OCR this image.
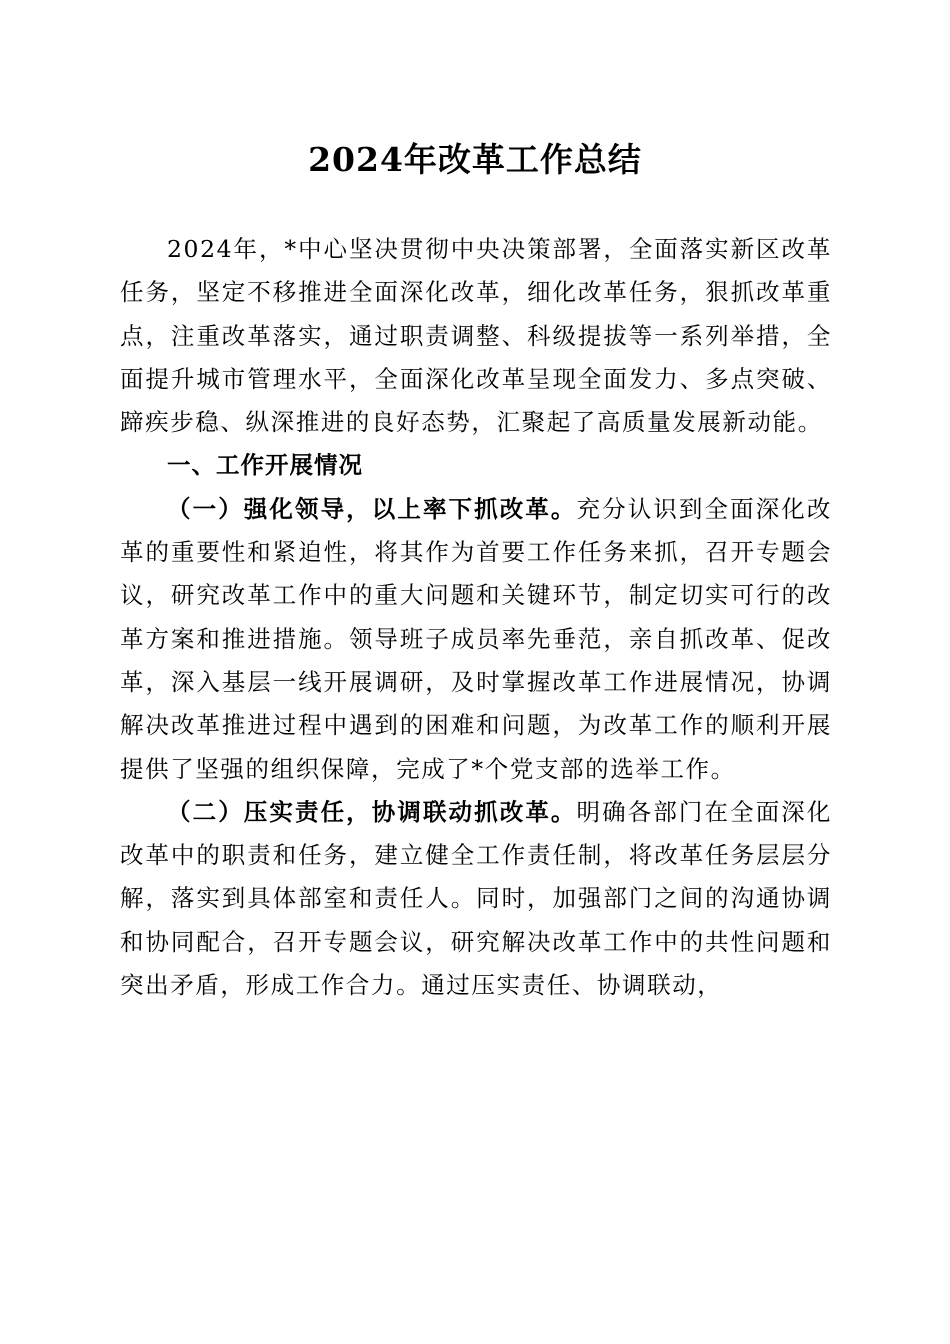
2024年改革工作总结

2024年，*中心坚决贯彻中央决策部署，全面落实新区改革任务，坚定不移推进全面深化改革，细化改革任务，狠抓改革重点，注重改革落实，通过职责调整、科级提拔等一系列举措，全面提升城市管理水平，全面深化改革呈现全面发力、多点突破、蹄疾步稳、纵深推进的良好态势，汇聚起了高质量发展新动能。

一、工作开展情况

（一）强化领导，以上率下抓改革。充分认识到全面深化改革的重要性和紧迫性，将其作为首要工作任务来抓，召开专题会议，研究改革工作中的重大问题和关键环节，制定切实可行的改革方案和推进措施。领导班子成员率先垂范，亲自抓改革、促改革，深入基层一线开展调研，及时掌握改革工作进展情况，协调解决改革推进过程中遇到的困难和问题，为改革工作的顺利开展提供了坚强的组织保障，完成了*个党支部的选举工作。

（二）压实责任，协调联动抓改革。明确各部门在全面深化改革中的职责和任务，建立健全工作责任制，将改革任务层层分解，落实到具体部室和责任人。同时，加强部门之间的沟通协调和协同配合，召开专题会议，研究解决改革工作中的共性问题和突出矛盾，形成工作合力。通过压实责任、协调联动，
